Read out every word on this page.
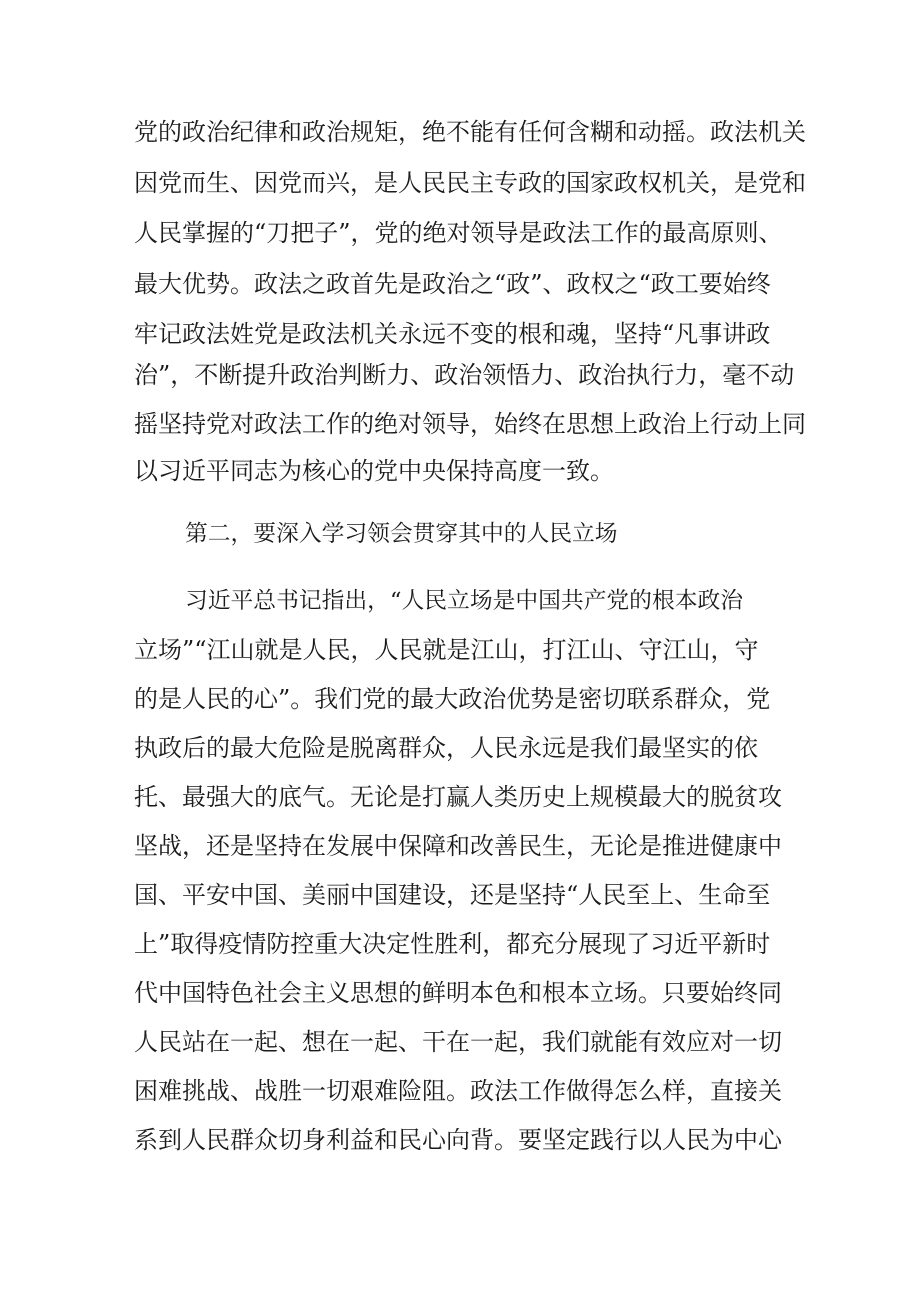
党的政治纪律和政治规矩，绝不能有任何含糊和动摇。政法机关
因党而生、因党而兴，是人民民主专政的国家政权机关，是党和
人民掌握的“刀把子”，党的绝对领导是政法工作的最高原则、
最大优势。政法之政首先是政治之“政”、政权之“政工要始终
牢记政法姓党是政法机关永远不变的根和魂，坚持“凡事讲政
治”，不断提升政治判断力、政治领悟力、政治执行力，毫不动
摇坚持党对政法工作的绝对领导，始终在思想上政治上行动上同
以习近平同志为核心的党中央保持高度一致。
第二，要深入学习领会贯穿其中的人民立场
习近平总书记指出，“人民立场是中国共产党的根本政治
立场”“江山就是人民，人民就是江山，打江山、守江山，守
的是人民的心”。我们党的最大政治优势是密切联系群众，党
执政后的最大危险是脱离群众，人民永远是我们最坚实的依
托、最强大的底气。无论是打赢人类历史上规模最大的脱贫攻
坚战，还是坚持在发展中保障和改善民生，无论是推进健康中
国、平安中国、美丽中国建设，还是坚持“人民至上、生命至
上”取得疫情防控重大决定性胜利，都充分展现了习近平新时
代中国特色社会主义思想的鲜明本色和根本立场。只要始终同
人民站在一起、想在一起、干在一起，我们就能有效应对一切
困难挑战、战胜一切艰难险阻。政法工作做得怎么样，直接关
系到人民群众切身利益和民心向背。要坚定践行以人民为中心
